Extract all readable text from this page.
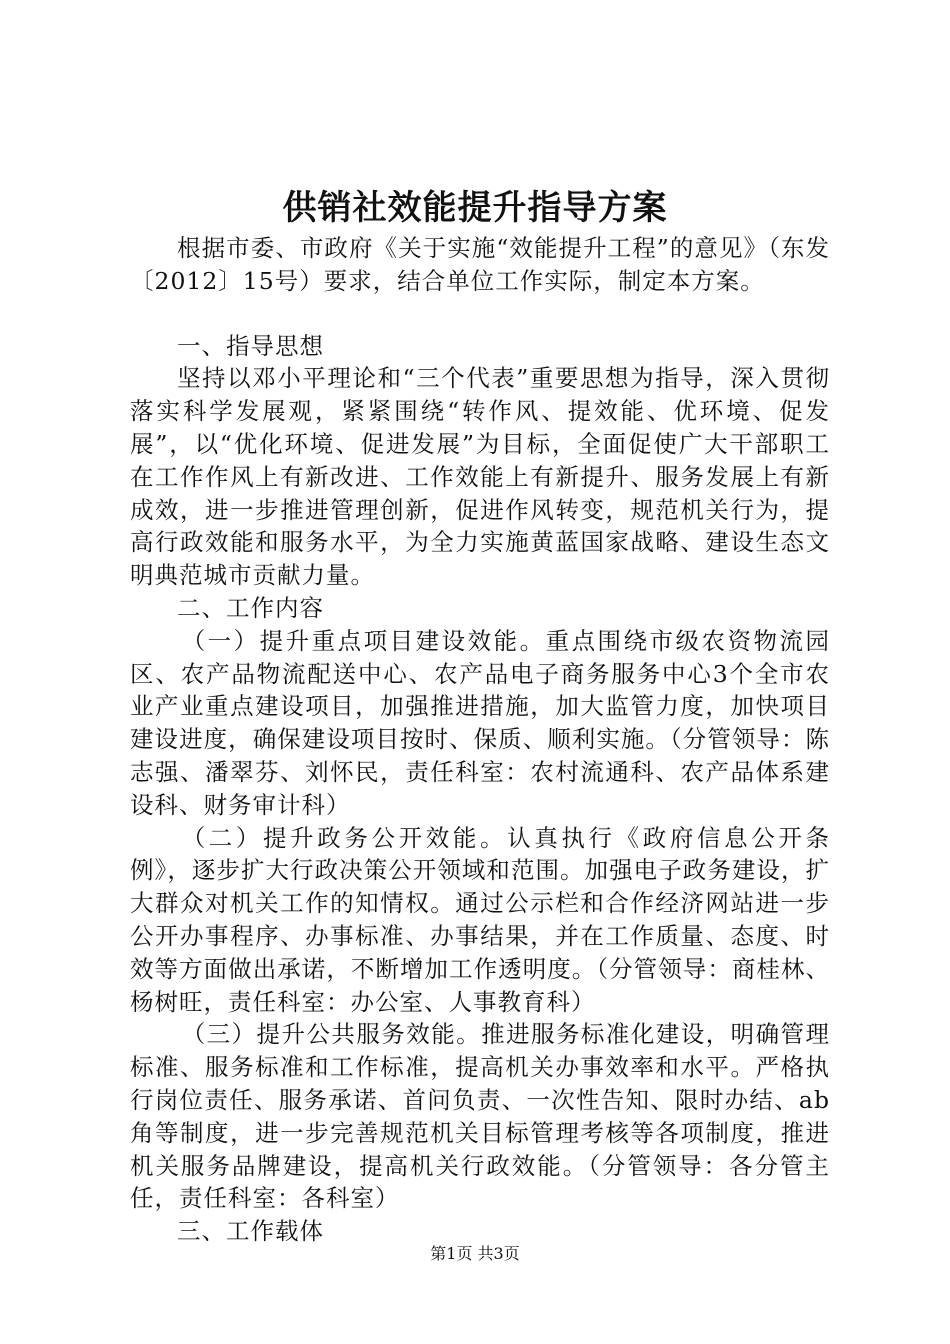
供销社效能提升指导方案

根据市委、市政府《关于实施“效能提升工程”的意见》（东发〔2012〕15号）要求，结合单位工作实际，制定本方案。

一、指导思想

坚持以邓小平理论和“三个代表”重要思想为指导，深入贯彻落实科学发展观，紧紧围绕“转作风、提效能、优环境、促发展”，以“优化环境、促进发展”为目标，全面促使广大干部职工在工作作风上有新改进、工作效能上有新提升、服务发展上有新成效，进一步推进管理创新，促进作风转变，规范机关行为，提高行政效能和服务水平，为全力实施黄蓝国家战略、建设生态文明典范城市贡献力量。

二、工作内容

（一）提升重点项目建设效能。重点围绕市级农资物流园区、农产品物流配送中心、农产品电子商务服务中心3个全市农业产业重点建设项目，加强推进措施，加大监管力度，加快项目建设进度，确保建设项目按时、保质、顺利实施。（分管领导：陈志强、潘翠芬、刘怀民，责任科室：农村流通科、农产品体系建设科、财务审计科）

（二）提升政务公开效能。认真执行《政府信息公开条例》，逐步扩大行政决策公开领域和范围。加强电子政务建设，扩大群众对机关工作的知情权。通过公示栏和合作经济网站进一步公开办事程序、办事标准、办事结果，并在工作质量、态度、时效等方面做出承诺，不断增加工作透明度。（分管领导：商桂林、杨树旺，责任科室：办公室、人事教育科）

（三）提升公共服务效能。推进服务标准化建设，明确管理标准、服务标准和工作标准，提高机关办事效率和水平。严格执行岗位责任、服务承诺、首问负责、一次性告知、限时办结、ab角等制度，进一步完善规范机关目标管理考核等各项制度，推进机关服务品牌建设，提高机关行政效能。（分管领导：各分管主任，责任科室：各科室）

三、工作载体

第1页 共3页
